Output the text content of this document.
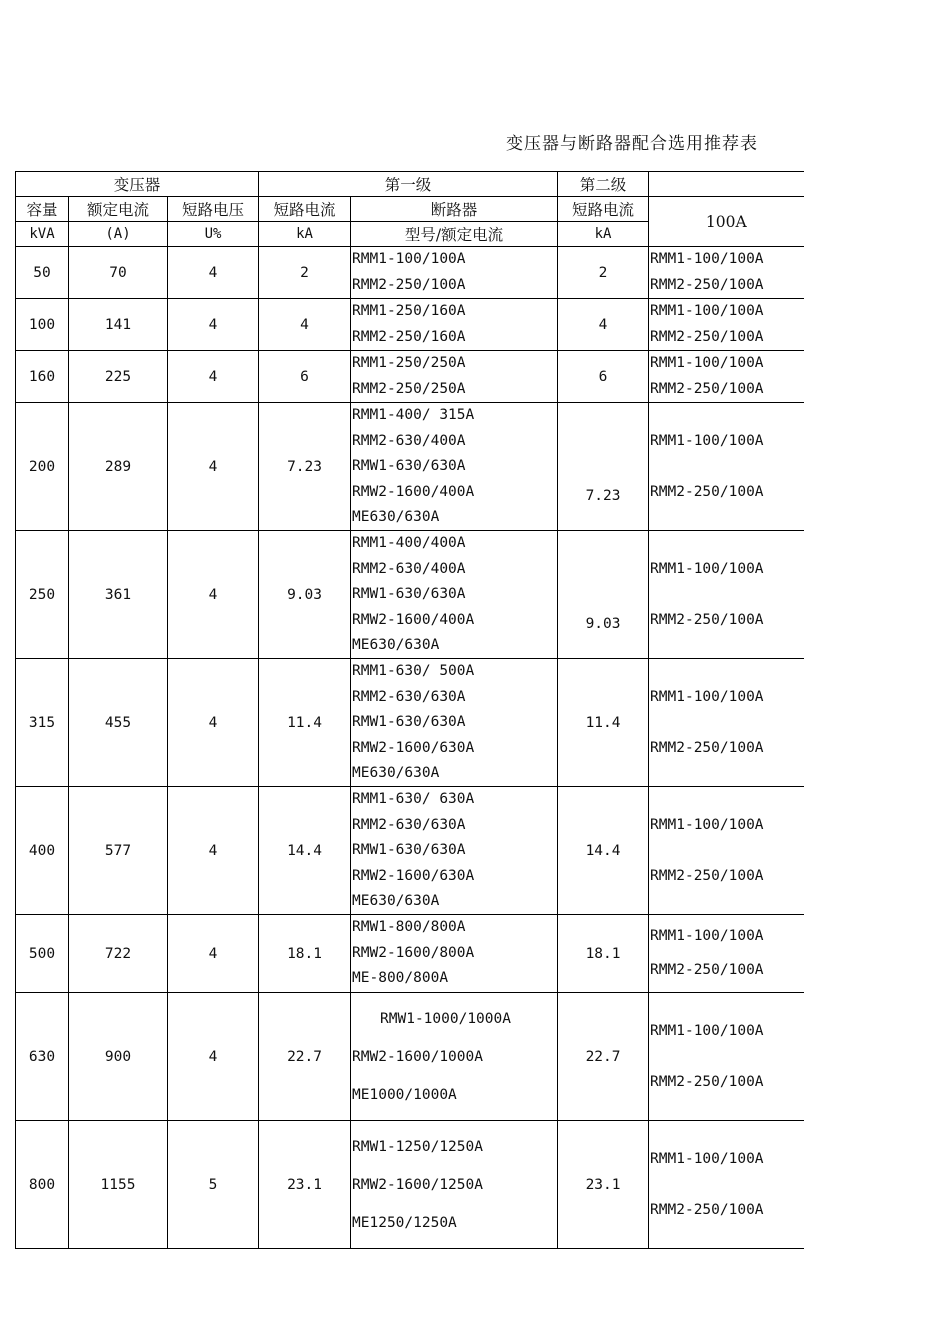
变压器与断路器配合选用推荐表
变压器			第一级		第二级	
容量	额定电流	短路电压	短路电流	断路器	短路电流	100A
kVA	(A)	U%	kA	型号/额定电流	kA	
50	70	4	2	RMM1-100/100A
RMM2-250/100A	2	RMM1-100/100A
RMM2-250/100A

100	141	4	4	RMM1-250/160A
RMM2-250/160A	4	RMM1-100/100A
RMM2-250/100A

160	225	4	6	RMM1-250/250A
RMM2-250/250A	6	RMM1-100/100A
RMM2-250/100A

200	289	4	7.23	RMM1-400/ 315A
RMM2-630/400A
RMW1-630/630A
RMW2-1600/400A
ME630/630A	7.23	RMM1-100/100A
RMM2-250/100A

250	361	4	9.03	RMM1-400/400A
RMM2-630/400A
RMW1-630/630A
RMW2-1600/400A
ME630/630A	9.03	RMM1-100/100A
RMM2-250/100A

315	455	4	11.4	RMM1-630/ 500A
RMM2-630/630A
RMW1-630/630A
RMW2-1600/630A
ME630/630A	11.4	RMM1-100/100A
RMM2-250/100A

400	577	4	14.4	RMM1-630/ 630A
RMM2-630/630A
RMW1-630/630A
RMW2-1600/630A
ME630/630A	14.4	RMM1-100/100A
RMM2-250/100A

500	722	4	18.1	RMW1-800/800A
RMW2-1600/800A
ME-800/800A	18.1	RMM1-100/100A
RMM2-250/100A

630	900	4	22.7	RMW1-1000/1000A
RMW2-1600/1000A
ME1000/1000A	22.7	RMM1-100/100A
RMM2-250/100A

800	1155	5	23.1	RMW1-1250/1250A
RMW2-1600/1250A
ME1250/1250A	23.1	RMM1-100/100A
RMM2-250/100A
